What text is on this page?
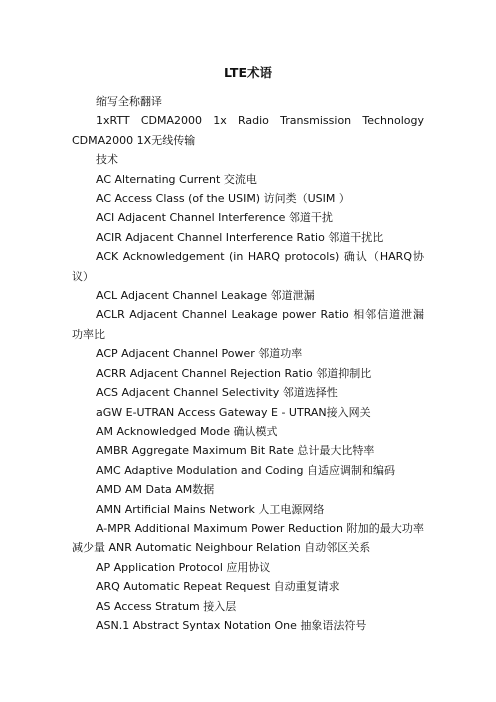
LTE术语

缩写全称翻译

1xRTT CDMA2000 1x Radio Transmission Technology CDMA2000 1X无线传输

技术

AC Alternating Current 交流电

AC Access Class (of the USIM) 访问类（USIM ）

ACI Adjacent Channel Interference 邻道干扰

ACIR Adjacent Channel Interference Ratio 邻道干扰比

ACK Acknowledgement (in HARQ protocols) 确认（HARQ协议）

ACL Adjacent Channel Leakage 邻道泄漏

ACLR Adjacent Channel Leakage power Ratio 相邻信道泄漏功率比

ACP Adjacent Channel Power 邻道功率

ACRR Adjacent Channel Rejection Ratio 邻道抑制比

ACS Adjacent Channel Selectivity 邻道选择性

aGW E-UTRAN Access Gateway E - UTRAN接入网关

AM Acknowledged Mode 确认模式

AMBR Aggregate Maximum Bit Rate 总计最大比特率

AMC Adaptive Modulation and Coding 自适应调制和编码

AMD AM Data AM数据

AMN Artificial Mains Network 人工电源网络

A-MPR Additional Maximum Power Reduction 附加的最大功率减少量 ANR Automatic Neighbour Relation 自动邻区关系

AP Application Protocol 应用协议

ARQ Automatic Repeat Request 自动重复请求

AS Access Stratum 接入层

ASN.1 Abstract Syntax Notation One 抽象语法符号
